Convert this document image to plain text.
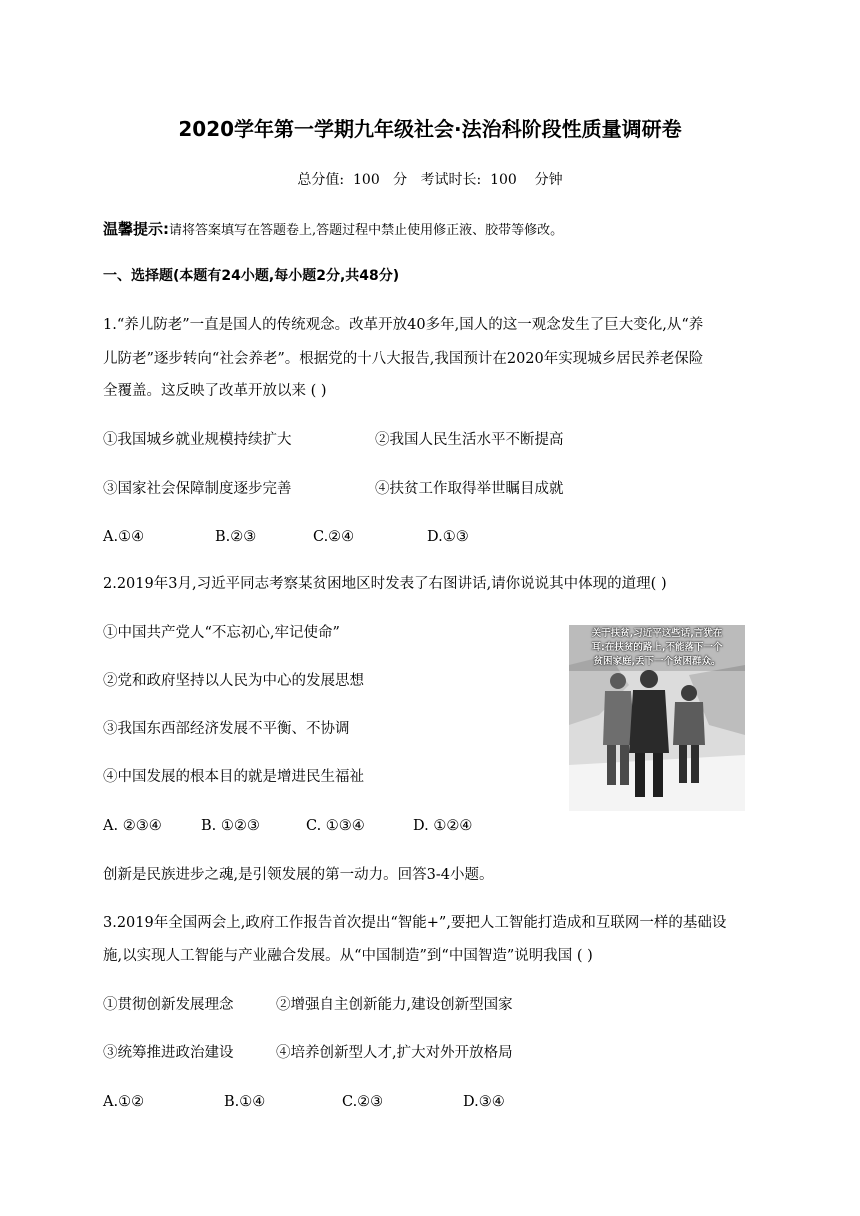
2020学年第一学期九年级社会·法治科阶段性质量调研卷
总分值:  100   分   考试时长:  100    分钟
温馨提示:请将答案填写在答题卷上,答题过程中禁止使用修正液、胶带等修改。
一、选择题(本题有24小题,每小题2分,共48分)
1.“养儿防老”一直是国人的传统观念。改革开放40多年,国人的这一观念发生了巨大变化,从“养
儿防老”逐步转向“社会养老”。根据党的十八大报告,我国预计在2020年实现城乡居民养老保险
全覆盖。这反映了改革开放以来 ( )
①我国城乡就业规模持续扩大	②我国人民生活水平不断提高
③国家社会保障制度逐步完善	④扶贫工作取得举世瞩目成就
A.①④	B.②③	C.②④	D.①③
2.2019年3月,习近平同志考察某贫困地区时发表了右图讲话,请你说说其中体现的道理( )
①中国共产党人“不忘初心,牢记使命”
②党和政府坚持以人民为中心的发展思想
③我国东西部经济发展不平衡、不协调
④中国发展的根本目的就是增进民生福祉
A. ②③④	B. ①②③	C. ①③④	D. ①②④
关于扶贫,习近平这些话,言犹在
耳:在扶贫的路上,不能落下一个
贫困家庭,丢下一个贫困群众。
创新是民族进步之魂,是引领发展的第一动力。回答3-4小题。
3.2019年全国两会上,政府工作报告首次提出“智能+”,要把人工智能打造成和互联网一样的基础设
施,以实现人工智能与产业融合发展。从“中国制造”到“中国智造”说明我国 ( )
①贯彻创新发展理念	②增强自主创新能力,建设创新型国家
③统筹推进政治建设	④培养创新型人才,扩大对外开放格局
A.①②	B.①④	C.②③	D.③④
